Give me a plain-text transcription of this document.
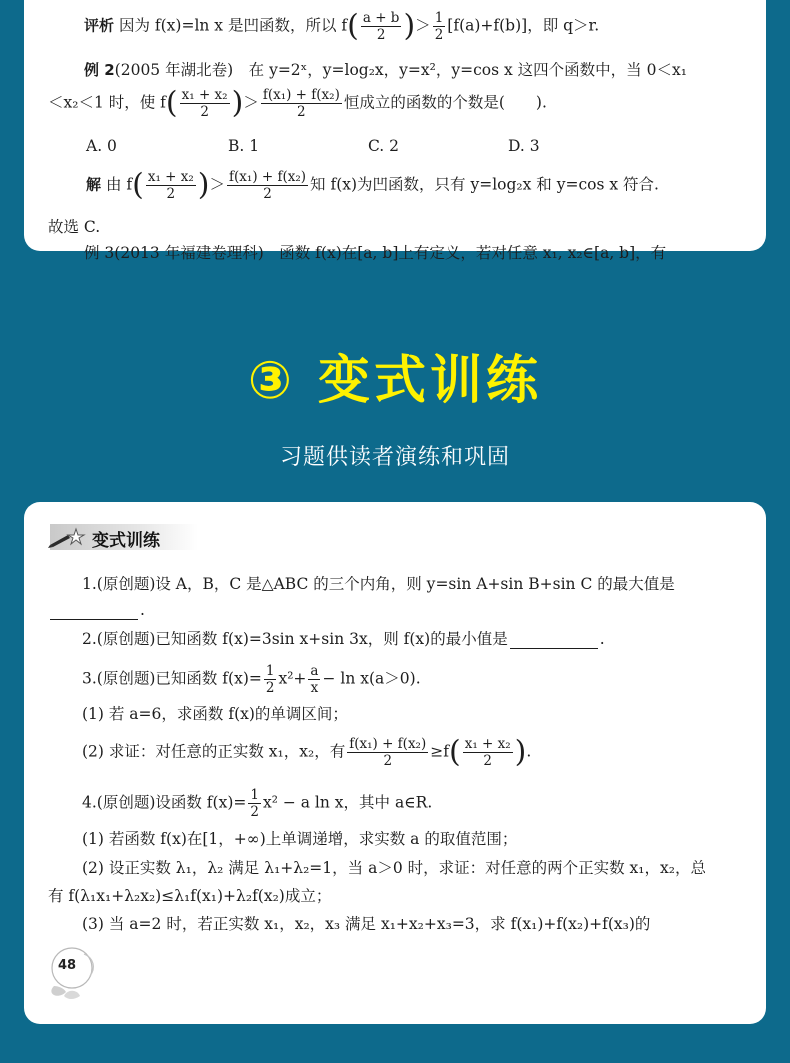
评析 因为 f(x)=ln x 是凹函数，所以 $f( \frac{a + b}{2}$ )＞ $\frac{1}{2} [f(a)+f(b)]$，即 q＞r.
例 2(2005 年湖北卷)　在 y=2ˣ，y=log₂x，y=x²，y=cos x 这四个函数中，当 0＜x₁
＜x₂＜1 时，使 $f( \frac{\text{x₁ + x₂}}{2}$ )＞ $\frac{\text{f(x₁) + f(x₂)}}{2}$ 恒成立的函数的个数是(　　).
A. 0	B. 1	C. 2	D. 3
解 由 $f( \frac{\text{x₁ + x₂}}{2}$ )＞ $\frac{\text{f(x₁) + f(x₂)}}{2}$ 知 f(x)为凹函数，只有 y=log₂x 和 y=cos x 符合.
故选 C.
例 3(2013 年福建卷理科)　函数 f(x)在[a, b]上有定义，若对任意 x₁, x₂∈[a, b]，有
③ 变式训练
习题供读者演练和巩固
变式训练
1.(原创题)设 A，B，C 是△ABC 的三个内角，则 y=sin A+sin B+sin C 的最大值是
.
2.(原创题)已知函数 f(x)=3sin x+sin 3x，则 f(x)的最小值是	.
3.(原创题)已知函数 $f(x)= \frac{1}{2} x^2+ \frac{a}{x} - \ln x(a>0)$.
(1) 若 a=6，求函数 f(x)的单调区间；
(2) 求证：对任意的正实数 x₁，x₂，有 $\frac{\text{f(x₁) + f(x₂)}}{2} \ge f( \frac{\text{x₁ + x₂}}{2}$ ).
4.(原创题)设函数 $f(x)= \frac{1}{2} x^2 - a$ ln x，其中 a∈R.
(1) 若函数 f(x)在[1，+∞)上单调递增，求实数 a 的取值范围；
(2) 设正实数 λ₁，λ₂ 满足 λ₁+λ₂=1，当 a＞0 时，求证：对任意的两个正实数 x₁，x₂，总
有 f(λ₁x₁+λ₂x₂)≤λ₁f(x₁)+λ₂f(x₂)成立；
(3) 当 a=2 时，若正实数 x₁，x₂，x₃ 满足 x₁+x₂+x₃=3，求 f(x₁)+f(x₂)+f(x₃)的
48
